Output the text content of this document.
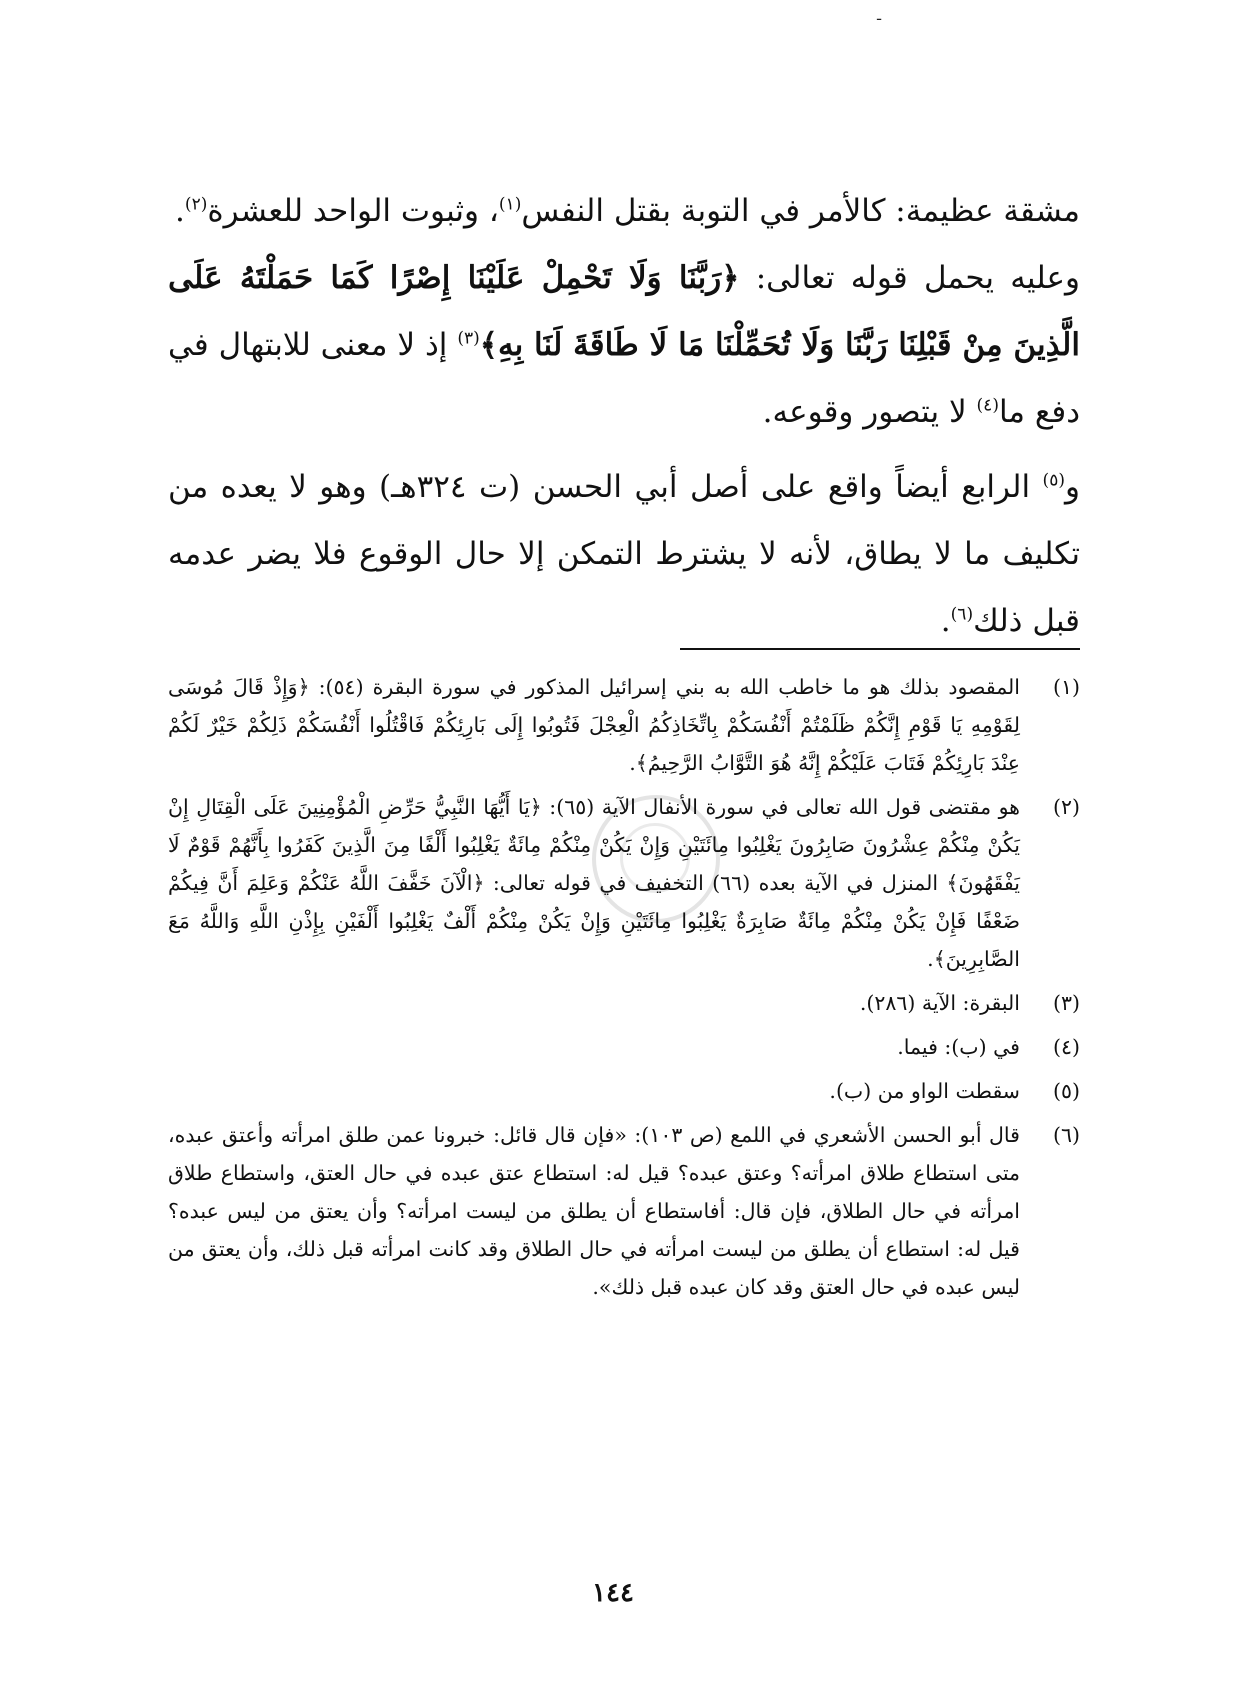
ـ

مشقة عظيمة: كالأمر في التوبة بقتل النفس$^{(١)}$، وثبوت الواحد للعشرة$^{(٢)}$.

وعليه يحمل قوله تعالى: ﴿رَبَّنَا وَلَا تَحْمِلْ عَلَيْنَا إِصْرًا كَمَا حَمَلْتَهُ عَلَى الَّذِينَ مِنْ قَبْلِنَا رَبَّنَا وَلَا تُحَمِّلْنَا مَا لَا طَاقَةَ لَنَا بِهِ﴾$^{(٣)}$ إذ لا معنى للابتهال في دفع ما$^{(٤)}$ لا يتصور وقوعه.

و$^{(٥)}$ الرابع أيضاً واقع على أصل أبي الحسن (ت ٣٢٤هـ) وهو لا يعده من تكليف ما لا يطاق، لأنه لا يشترط التمكن إلا حال الوقوع فلا يضر عدمه قبل ذلك$^{(٦)}$.

(١)
المقصود بذلك هو ما خاطب الله به بني إسرائيل المذكور في سورة البقرة (٥٤): ﴿وَإِذْ قَالَ مُوسَى لِقَوْمِهِ يَا قَوْمِ إِنَّكُمْ ظَلَمْتُمْ أَنْفُسَكُمْ بِاتِّخَاذِكُمُ الْعِجْلَ فَتُوبُوا إِلَى بَارِئِكُمْ فَاقْتُلُوا أَنْفُسَكُمْ ذَلِكُمْ خَيْرٌ لَكُمْ عِنْدَ بَارِئِكُمْ فَتَابَ عَلَيْكُمْ إِنَّهُ هُوَ التَّوَّابُ الرَّحِيمُ﴾.
(٢)
هو مقتضى قول الله تعالى في سورة الأنفال الآية (٦٥): ﴿يَا أَيُّهَا النَّبِيُّ حَرِّضِ الْمُؤْمِنِينَ عَلَى الْقِتَالِ إِنْ يَكُنْ مِنْكُمْ عِشْرُونَ صَابِرُونَ يَغْلِبُوا مِائَتَيْنِ وَإِنْ يَكُنْ مِنْكُمْ مِائَةٌ يَغْلِبُوا أَلْفًا مِنَ الَّذِينَ كَفَرُوا بِأَنَّهُمْ قَوْمٌ لَا يَفْقَهُونَ﴾ المنزل في الآية بعده (٦٦) التخفيف في قوله تعالى: ﴿الْآنَ خَفَّفَ اللَّهُ عَنْكُمْ وَعَلِمَ أَنَّ فِيكُمْ ضَعْفًا فَإِنْ يَكُنْ مِنْكُمْ مِائَةٌ صَابِرَةٌ يَغْلِبُوا مِائَتَيْنِ وَإِنْ يَكُنْ مِنْكُمْ أَلْفٌ يَغْلِبُوا أَلْفَيْنِ بِإِذْنِ اللَّهِ وَاللَّهُ مَعَ الصَّابِرِينَ﴾.
(٣)
البقرة: الآية (٢٨٦).
(٤)
في (ب): فيما.
(٥)
سقطت الواو من (ب).
(٦)
قال أبو الحسن الأشعري في اللمع (ص ١٠٣): «فإن قال قائل: خبرونا عمن طلق امرأته وأعتق عبده، متى استطاع طلاق امرأته؟ وعتق عبده؟ قيل له: استطاع عتق عبده في حال العتق، واستطاع طلاق امرأته في حال الطلاق، فإن قال: أفاستطاع أن يطلق من ليست امرأته؟ وأن يعتق من ليس عبده؟ قيل له: استطاع أن يطلق من ليست امرأته في حال الطلاق وقد كانت امرأته قبل ذلك، وأن يعتق من ليس عبده في حال العتق وقد كان عبده قبل ذلك».
١٤٤
